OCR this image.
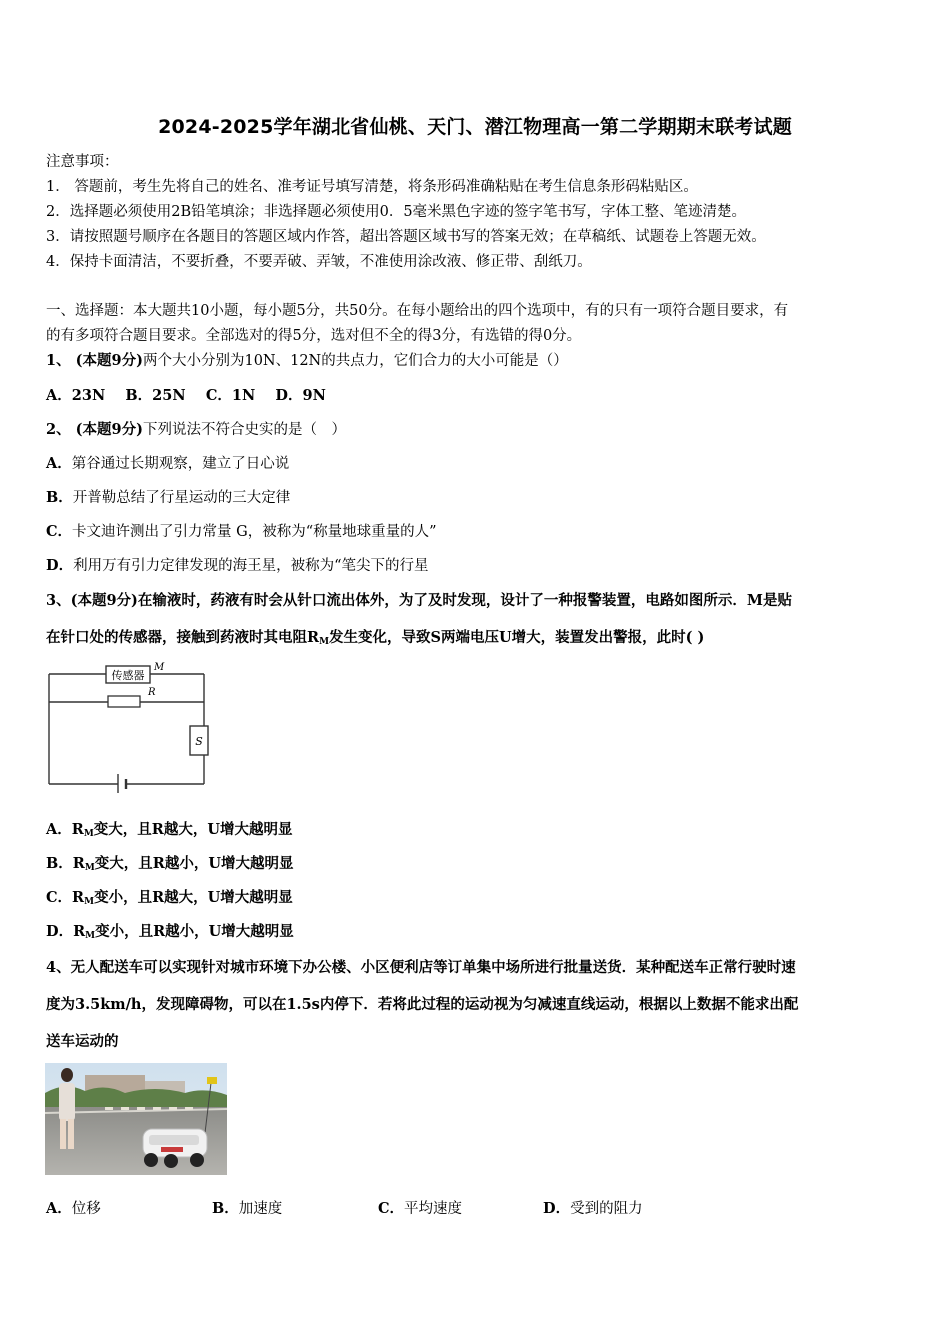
2024-2025学年湖北省仙桃、天门、潜江物理高一第二学期期末联考试题
注意事项：
1． 答题前，考生先将自己的姓名、准考证号填写清楚，将条形码准确粘贴在考生信息条形码粘贴区。
2．选择题必须使用2B铅笔填涂；非选择题必须使用0．5毫米黑色字迹的签字笔书写，字体工整、笔迹清楚。
3．请按照题号顺序在各题目的答题区域内作答，超出答题区域书写的答案无效；在草稿纸、试题卷上答题无效。
4．保持卡面清洁，不要折叠，不要弄破、弄皱，不准使用涂改液、修正带、刮纸刀。
一、选择题：本大题共10小题，每小题5分，共50分。在每小题给出的四个选项中，有的只有一项符合题目要求，有
的有多项符合题目要求。全部选对的得5分，选对但不全的得3分，有选错的得0分。
1、 (本题9分)两个大小分别为10N、12N的共点力，它们合力的大小可能是（）
A．23N B．25N C．1N D．9N
2、 (本题9分)下列说法不符合史实的是（　）
A．第谷通过长期观察，建立了日心说
B．开普勒总结了行星运动的三大定律
C．卡文迪许测出了引力常量 G，被称为“称量地球重量的人”
D．利用万有引力定律发现的海王星，被称为“笔尖下的行星
3、(本题9分)在输液时，药液有时会从针口流出体外，为了及时发现，设计了一种报警装置，电路如图所示．M是贴
在针口处的传感器，接触到药液时其电阻$R_M$发生变化，导致S两端电压U增大，装置发出警报，此时( )
传感器
M
R
S
A．$R_M$变大，且R越大，U增大越明显
B．$R_M$变大，且R越小，U增大越明显
C．$R_M$变小，且R越大，U增大越明显
D．$R_M$变小，且R越小，U增大越明显
4、无人配送车可以实现针对城市环境下办公楼、小区便利店等订单集中场所进行批量送货．某种配送车正常行驶时速
度为3.5km/h，发现障碍物，可以在1.5s内停下．若将此过程的运动视为匀减速直线运动，根据以上数据不能求出配
送车运动的
A．位移	B．加速度	C．平均速度	D．受到的阻力
